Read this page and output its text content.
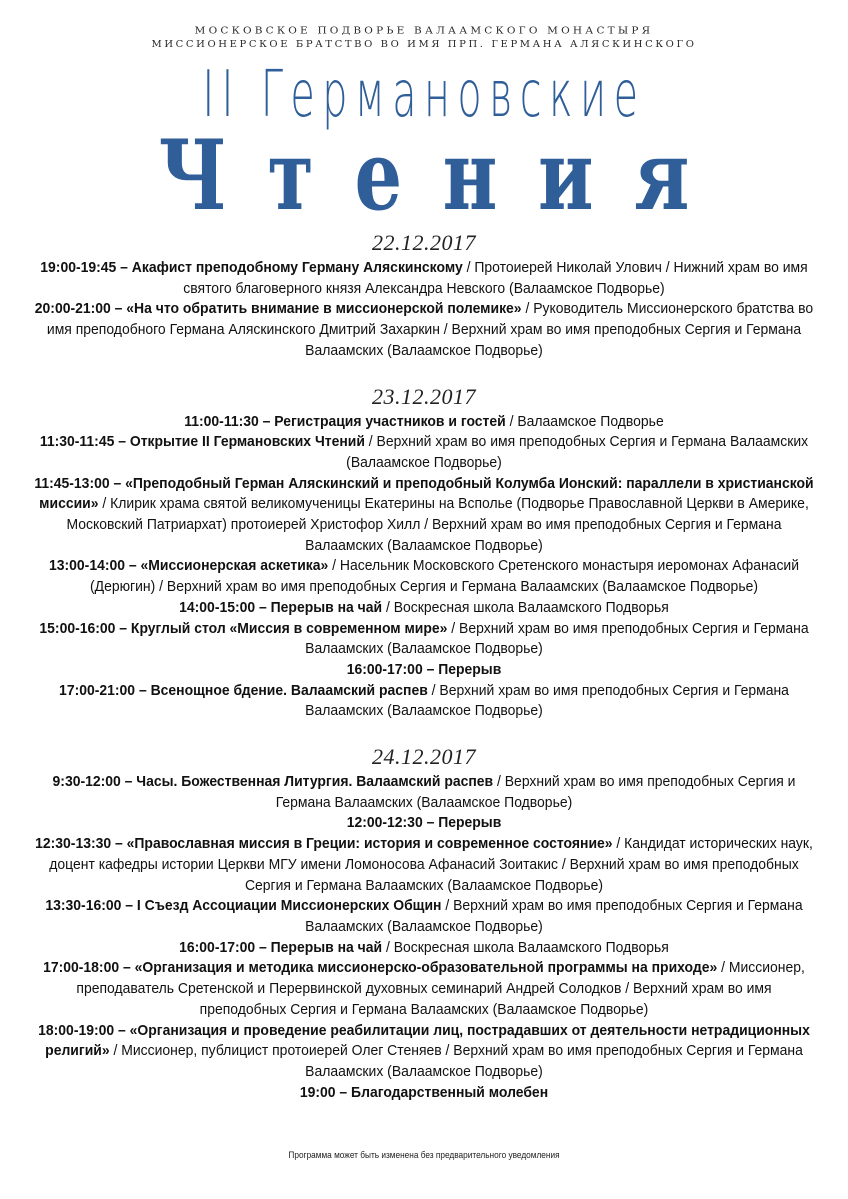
МОСКОВСКОЕ ПОДВОРЬЕ ВАЛААМСКОГО МОНАСТЫРЯ
МИССИОНЕРСКОЕ БРАТСТВО ВО ИМЯ ПРП. ГЕРМАНА АЛЯСКИНСКОГО
II Германовские
Чтения
22.12.2017
19:00-19:45 – Акафист преподобному Герману Аляскинскому / Протоиерей Николай Улович / Нижний храм во имя святого благоверного князя Александра Невского (Валаамское Подворье)
20:00-21:00 – «На что обратить внимание в миссионерской полемике» / Руководитель Миссионерского братства во имя преподобного Германа Аляскинского Дмитрий Захаркин / Верхний храм во имя преподобных Сергия и Германа Валаамских (Валаамское Подворье)
23.12.2017
11:00-11:30 – Регистрация участников и гостей / Валаамское Подворье
11:30-11:45 – Открытие II Германовских Чтений / Верхний храм во имя преподобных Сергия и Германа Валаамских (Валаамское Подворье)
11:45-13:00 – «Преподобный Герман Аляскинский и преподобный Колумба Ионский: параллели в христианской миссии» / Клирик храма святой великомученицы Екатерины на Всполье (Подворье Православной Церкви в Америке, Московский Патриархат) протоиерей Христофор Хилл / Верхний храм во имя преподобных Сергия и Германа Валаамских (Валаамское Подворье)
13:00-14:00 – «Миссионерская аскетика» / Насельник Московского Сретенского монастыря иеромонах Афанасий (Дерюгин) / Верхний храм во имя преподобных Сергия и Германа Валаамских (Валаамское Подворье)
14:00-15:00 – Перерыв на чай / Воскресная школа Валаамского Подворья
15:00-16:00 – Круглый стол «Миссия в современном мире» / Верхний храм во имя преподобных Сергия и Германа Валаамских (Валаамское Подворье)
16:00-17:00 – Перерыв
17:00-21:00 – Всенощное бдение. Валаамский распев / Верхний храм во имя преподобных Сергия и Германа Валаамских (Валаамское Подворье)
24.12.2017
9:30-12:00 – Часы. Божественная Литургия. Валаамский распев / Верхний храм во имя преподобных Сергия и Германа Валаамских (Валаамское Подворье)
12:00-12:30 – Перерыв
12:30-13:30 – «Православная миссия в Греции: история и современное состояние» / Кандидат исторических наук, доцент кафедры истории Церкви МГУ имени Ломоносова Афанасий Зоитакис / Верхний храм во имя преподобных Сергия и Германа Валаамских (Валаамское Подворье)
13:30-16:00 – I Съезд Ассоциации Миссионерских Общин / Верхний храм во имя преподобных Сергия и Германа Валаамских (Валаамское Подворье)
16:00-17:00 – Перерыв на чай / Воскресная школа Валаамского Подворья
17:00-18:00 – «Организация и методика миссионерско-образовательной программы на приходе» / Миссионер, преподаватель Сретенской и Перервинской духовных семинарий Андрей Солодков / Верхний храм во имя преподобных Сергия и Германа Валаамских (Валаамское Подворье)
18:00-19:00 – «Организация и проведение реабилитации лиц, пострадавших от деятельности нетрадиционных религий» / Миссионер, публицист протоиерей Олег Стеняев / Верхний храм во имя преподобных Сергия и Германа Валаамских (Валаамское Подворье)
19:00 – Благодарственный молебен
Программа может быть изменена без предварительного уведомления
